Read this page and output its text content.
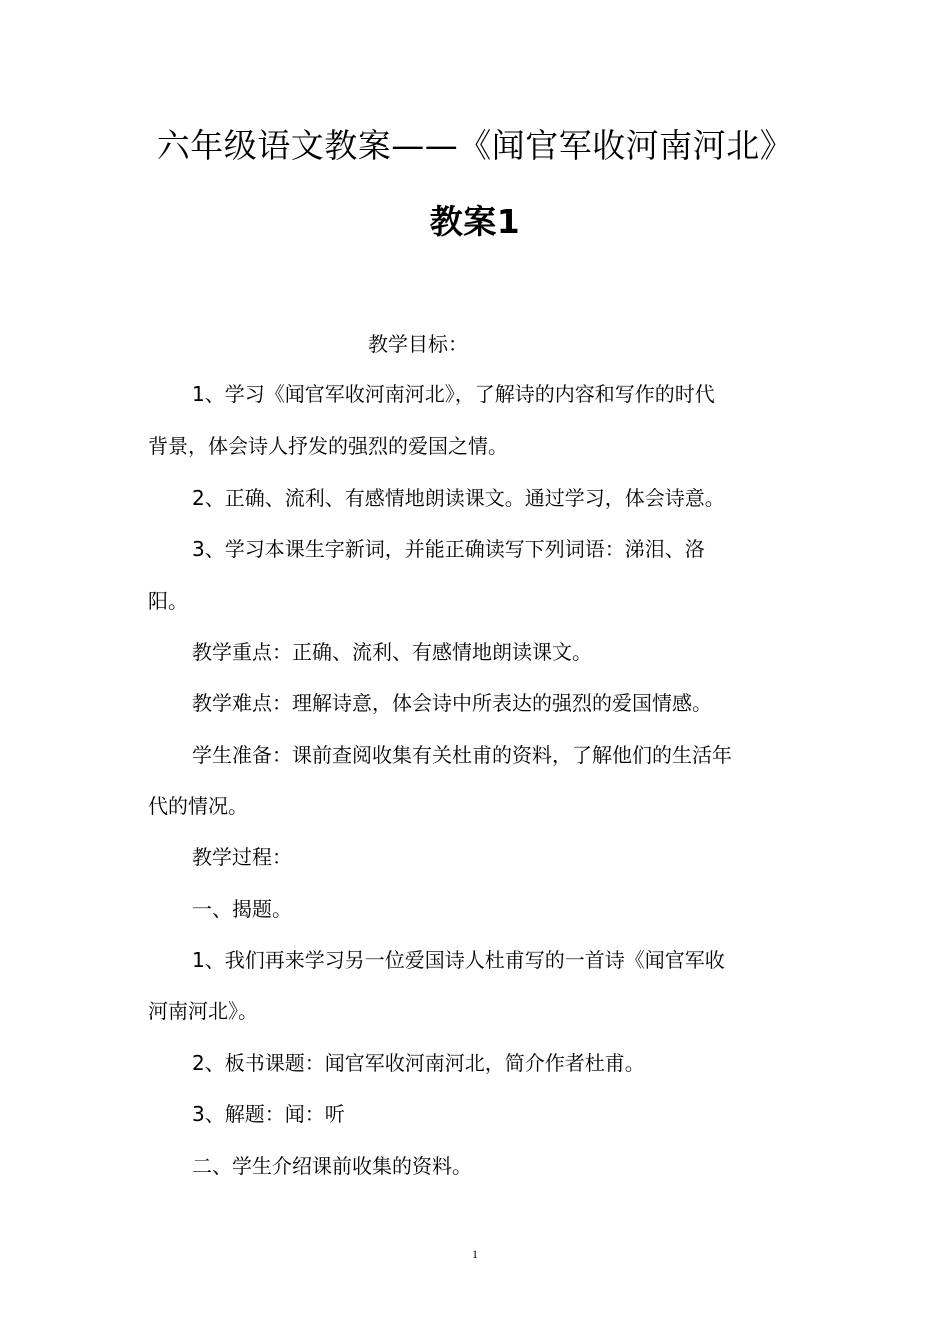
六年级语文教案——《闻官军收河南河北》
教案1
教学目标：
1、学习《闻官军收河南河北》，了解诗的内容和写作的时代
背景，体会诗人抒发的强烈的爱国之情。
2、正确、流利、有感情地朗读课文。通过学习，体会诗意。
3、学习本课生字新词，并能正确读写下列词语：涕泪、洛
阳。
教学重点：正确、流利、有感情地朗读课文。
教学难点：理解诗意，体会诗中所表达的强烈的爱国情感。
学生准备：课前查阅收集有关杜甫的资料，了解他们的生活年
代的情况。
教学过程：
一、揭题。
1、我们再来学习另一位爱国诗人杜甫写的一首诗《闻官军收
河南河北》。
2、板书课题：闻官军收河南河北，简介作者杜甫。
3、解题：闻：听
二、学生介绍课前收集的资料。
1
